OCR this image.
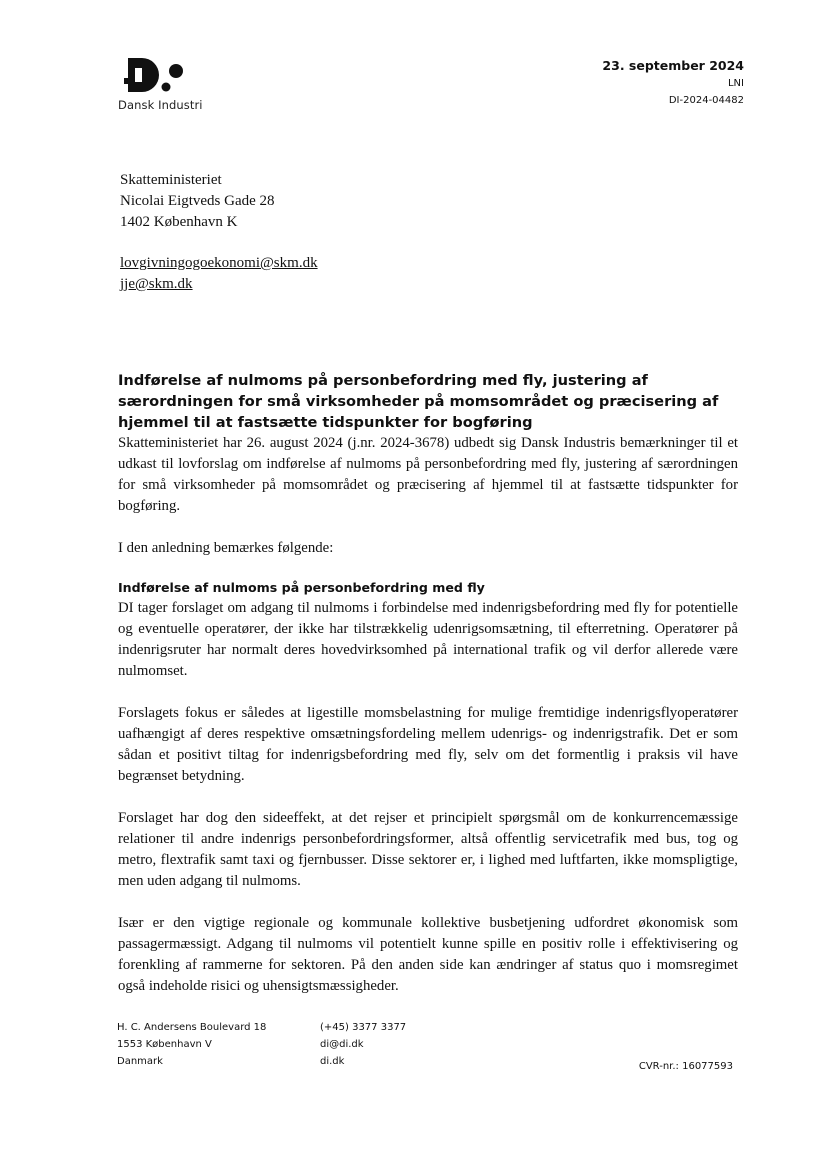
Dansk Industri
23. september 2024
LNI
DI-2024-04482
Skatteministeriet
Nicolai Eigtveds Gade 28
1402 København K
lovgivningogoekonomi@skm.dk
jje@skm.dk

Indførelse af nulmoms på personbefordring med fly, justering af særordningen for små virksomheder på momsområdet og præcisering af hjemmel til at fastsætte tidspunkter for bogføring

Skatteministeriet har 26. august 2024 (j.nr. 2024-3678) udbedt sig Dansk Industris bemærkninger til et udkast til lovforslag om indførelse af nulmoms på personbefordring med fly, justering af særordningen for små virksomheder på momsområdet og præcisering af hjemmel til at fastsætte tidspunkter for bogføring.

I den anledning bemærkes følgende:

Indførelse af nulmoms på personbefordring med fly

DI tager forslaget om adgang til nulmoms i forbindelse med indenrigsbefordring med fly for potentielle og eventuelle operatører, der ikke har tilstrækkelig udenrigsomsætning, til efterretning. Operatører på indenrigsruter har normalt deres hovedvirksomhed på international trafik og vil derfor allerede være nulmomset.

Forslagets fokus er således at ligestille momsbelastning for mulige fremtidige indenrigsflyoperatører uafhængigt af deres respektive omsætningsfordeling mellem udenrigs- og indenrigstrafik. Det er som sådan et positivt tiltag for indenrigsbefordring med fly, selv om det formentlig i praksis vil have begrænset betydning.

Forslaget har dog den sideeffekt, at det rejser et principielt spørgsmål om de konkurrencemæssige relationer til andre indenrigs personbefordringsformer, altså offentlig servicetrafik med bus, tog og metro, flextrafik samt taxi og fjernbusser. Disse sektorer er, i lighed med luftfarten, ikke momspligtige, men uden adgang til nulmoms.

Især er den vigtige regionale og kommunale kollektive busbetjening udfordret økonomisk som passagermæssigt. Adgang til nulmoms vil potentielt kunne spille en positiv rolle i effektivisering og forenkling af rammerne for sektoren. På den anden side kan ændringer af status quo i momsregimet også indeholde risici og uhensigtsmæssigheder.

H. C. Andersens Boulevard 18
1553 København V
Danmark
(+45) 3377 3377
di@di.dk
di.dk	CVR-nr.: 16077593
